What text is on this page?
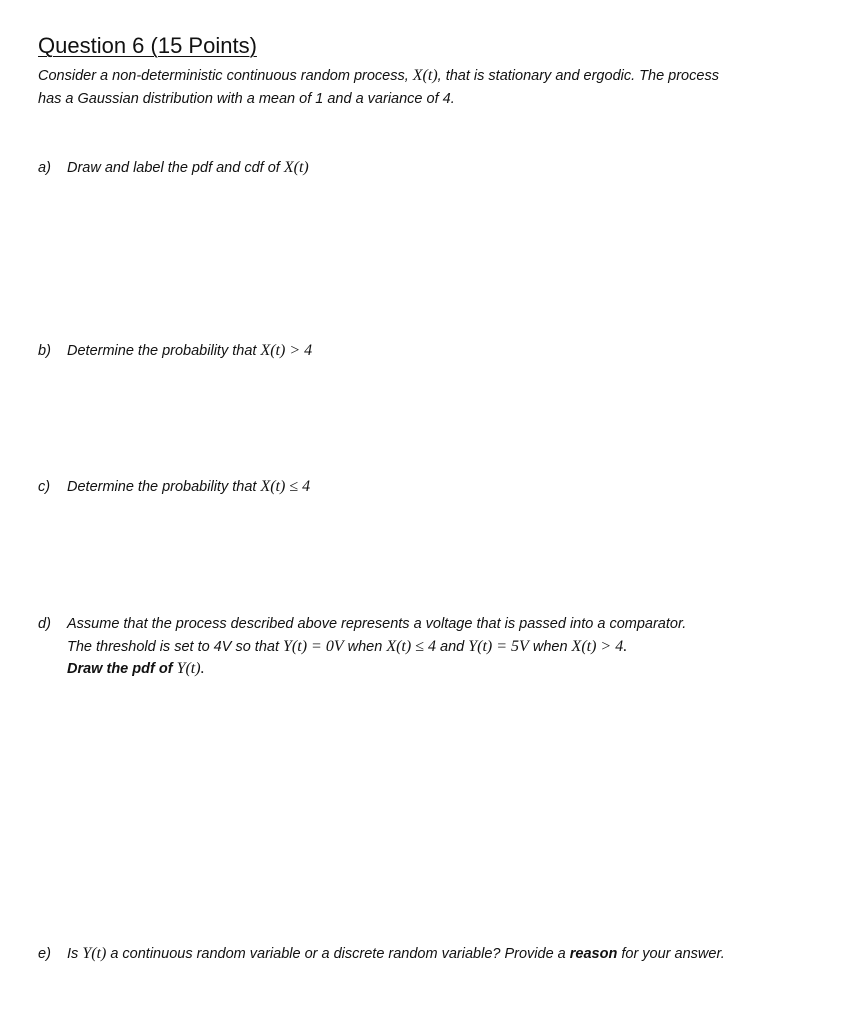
Question 6 (15 Points)
Consider a non-deterministic continuous random process, X(t), that is stationary and ergodic. The process
has a Gaussian distribution with a mean of 1 and a variance of 4.
a) Draw and label the pdf and cdf of X(t)
b) Determine the probability that X(t) > 4
c) Determine the probability that X(t) ≤ 4
d) Assume that the process described above represents a voltage that is passed into a comparator.
The threshold is set to 4V so that Y(t) = 0V when X(t) ≤ 4 and Y(t) = 5V when X(t) > 4.
Draw the pdf of Y(t).
e) Is Y(t) a continuous random variable or a discrete random variable? Provide a reason for your answer.
